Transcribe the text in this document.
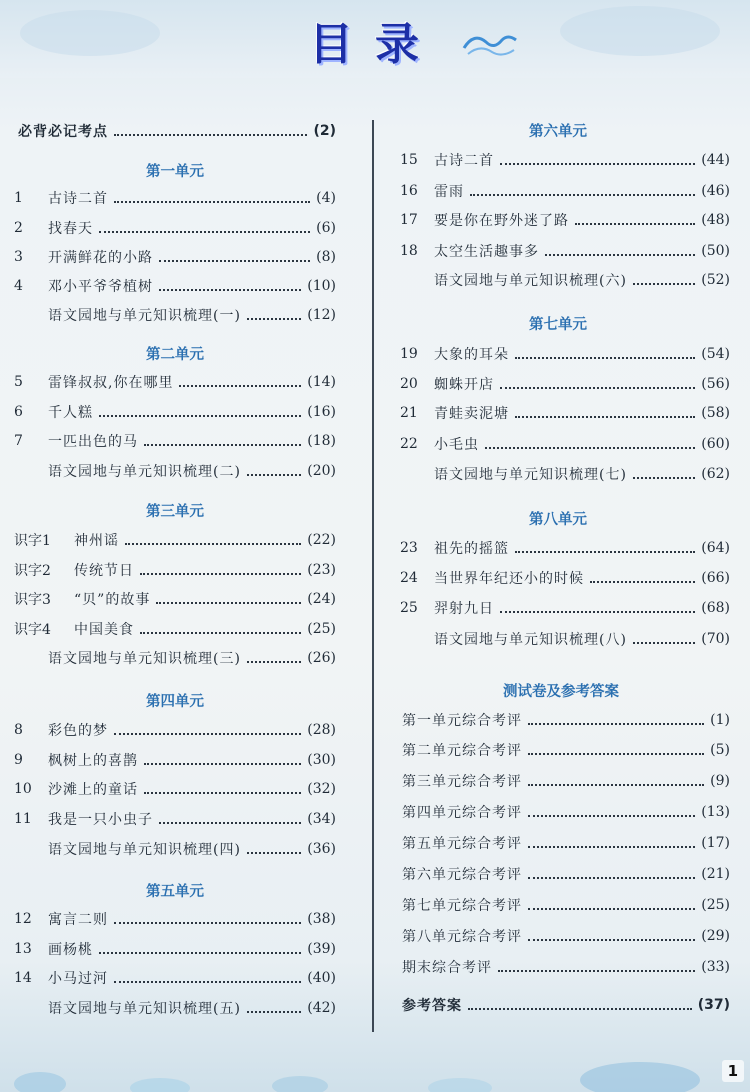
目录
必背必记考点	(2)
第一单元
1	古诗二首	(4)
2	找春天	(6)
3	开满鲜花的小路	(8)
4	邓小平爷爷植树	(10)
语文园地与单元知识梳理(一)	(12)
第二单元
5	雷锋叔叔,你在哪里	(14)
6	千人糕	(16)
7	一匹出色的马	(18)
语文园地与单元知识梳理(二)	(20)
第三单元
识字1	神州谣	(22)
识字2	传统节日	(23)
识字3	“贝”的故事	(24)
识字4	中国美食	(25)
语文园地与单元知识梳理(三)	(26)
第四单元
8	彩色的梦	(28)
9	枫树上的喜鹊	(30)
10	沙滩上的童话	(32)
11	我是一只小虫子	(34)
语文园地与单元知识梳理(四)	(36)
第五单元
12	寓言二则	(38)
13	画杨桃	(39)
14	小马过河	(40)
语文园地与单元知识梳理(五)	(42)
第六单元
15	古诗二首	(44)
16	雷雨	(46)
17	要是你在野外迷了路	(48)
18	太空生活趣事多	(50)
语文园地与单元知识梳理(六)	(52)
第七单元
19	大象的耳朵	(54)
20	蜘蛛开店	(56)
21	青蛙卖泥塘	(58)
22	小毛虫	(60)
语文园地与单元知识梳理(七)	(62)
第八单元
23	祖先的摇篮	(64)
24	当世界年纪还小的时候	(66)
25	羿射九日	(68)
语文园地与单元知识梳理(八)	(70)
测试卷及参考答案
第一单元综合考评	(1)
第二单元综合考评	(5)
第三单元综合考评	(9)
第四单元综合考评	(13)
第五单元综合考评	(17)
第六单元综合考评	(21)
第七单元综合考评	(25)
第八单元综合考评	(29)
期末综合考评	(33)
参考答案	(37)
1
